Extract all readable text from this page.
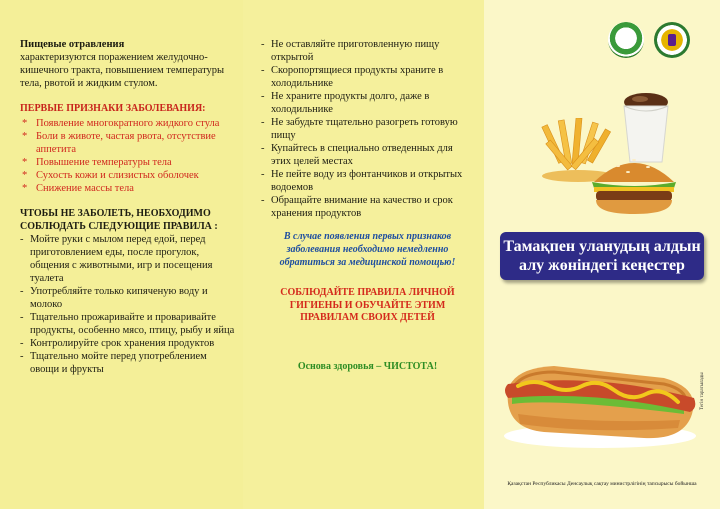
Пищевые отравления

характеризуются поражением желудочно-кишечного тракта, повышением температуры тела, рвотой и жидким стулом.

ПЕРВЫЕ ПРИЗНАКИ ЗАБОЛЕВАНИЯ:
* Появление многократного жидкого стула
* Боли в животе, частая рвота, отсутствие аппетита
* Повышение температуры тела
* Сухость кожи и слизистых оболочек
* Снижение массы тела
ЧТОБЫ НЕ ЗАБОЛЕТЬ, НЕОБХОДИМО СОБЛЮДАТЬ СЛЕДУЮЩИЕ ПРАВИЛА :
- Мойте руки с мылом перед едой, перед приготовлением еды, после прогулок, общения с животными, игр и посещения туалета
- Употребляйте только кипяченую воду и молоко
- Тщательно прожаривайте и проваривайте продукты, особенно мясо, птицу, рыбу и яйца
- Контролируйте срок хранения продуктов
- Тщательно мойте перед употреблением овощи и фрукты
- Не оставляйте приготовленную пищу открытой
- Скоропортящиеся продукты храните в холодильнике
- Не храните продукты долго, даже в холодильнике
- Не забудьте тщательно разогреть готовую пищу
- Купайтесь в специально отведенных для этих целей местах
- Не пейте воду из фонтанчиков и открытых водоемов
- Обращайте внимание на качество и срок хранения продуктов
В случае появления первых признаков заболевания необходимо немедленно обратиться за медицинской помощью!
СОБЛЮДАЙТЕ ПРАВИЛА ЛИЧНОЙ ГИГИЕНЫ И ОБУЧАЙТЕ ЭТИМ ПРАВИЛАМ СВОИХ ДЕТЕЙ
Основа здоровья – ЧИСТОТА!
Тамақпен уланудың алдын алу жөніндегі кеңестер
Тегін таратылады
Қазақстан Республикасы Денсаулық сақтау министрлігінің тапсырысы бойынша
